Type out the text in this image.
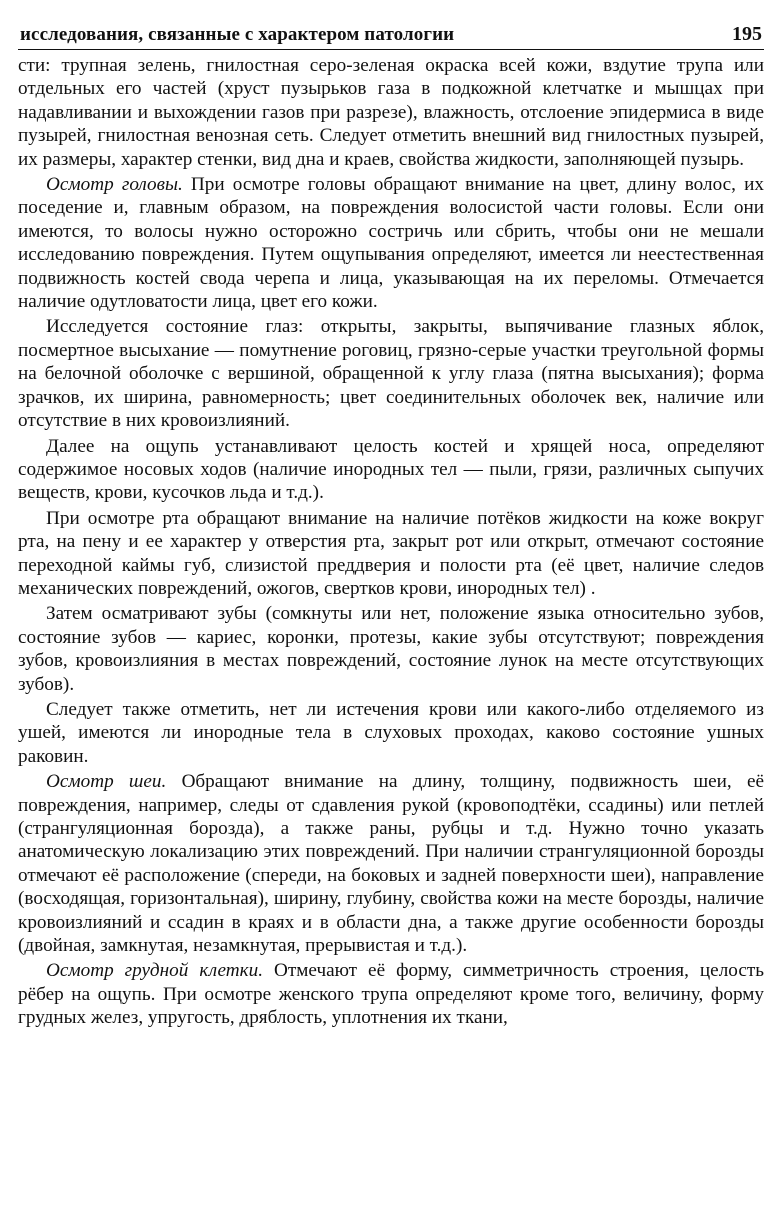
исследования, связанные с характером патологии	195

сти: трупная зелень, гнилостная серо-зеленая окраска всей кожи, вздутие трупа или отдельных его частей (хруст пузырьков газа в подкожной клетчатке и мышцах при надавливании и выхождении газов при разрезе), влажность, отслоение эпидермиса в виде пузырей, гнилостная венозная сеть. Следует отметить внешний вид гнилостных пузырей, их размеры, характер стенки, вид дна и краев, свойства жидкости, заполняющей пузырь.

Осмотр головы. При осмотре головы обращают внимание на цвет, длину волос, их поседение и, главным образом, на повреждения волосистой части головы. Если они имеются, то волосы нужно осторожно состричь или сбрить, чтобы они не мешали исследованию повреждения. Путем ощупывания определяют, имеется ли неестественная подвижность костей свода черепа и лица, указывающая на их переломы. Отмечается наличие одутловатости лица, цвет его кожи.

Исследуется состояние глаз: открыты, закрыты, выпячивание глазных яблок, посмертное высыхание — помутнение роговиц, грязно-серые участки треугольной формы на белочной оболочке с вершиной, обращенной к углу глаза (пятна высыхания); форма зрачков, их ширина, равномерность; цвет соединительных оболочек век, наличие или отсутствие в них кровоизлияний.

Далее на ощупь устанавливают целость костей и хрящей носа, определяют содержимое носовых ходов (наличие инородных тел — пыли, грязи, различных сыпучих веществ, крови, кусочков льда и т.д.).

При осмотре рта обращают внимание на наличие потёков жидкости на коже вокруг рта, на пену и ее характер у отверстия рта, закрыт рот или открыт, отмечают состояние переходной каймы губ, слизистой преддверия и полости рта (её цвет, наличие следов механических повреждений, ожогов, свертков крови, инородных тел) .

Затем осматривают зубы (сомкнуты или нет, положение языка относительно зубов, состояние зубов — кариес, коронки, протезы, какие зубы отсутствуют; повреждения зубов, кровоизлияния в местах повреждений, состояние лунок на месте отсутствующих зубов).

Следует также отметить, нет ли истечения крови или какого-либо отделяемого из ушей, имеются ли инородные тела в слуховых проходах, каково состояние ушных раковин.

Осмотр шеи. Обращают внимание на длину, толщину, подвижность шеи, её повреждения, например, следы от сдавления рукой (кровоподтёки, ссадины) или петлей (странгуляционная борозда), а также раны, рубцы и т.д. Нужно точно указать анатомическую локализацию этих повреждений. При наличии странгуляционной борозды отмечают её расположение (спереди, на боковых и задней поверхности шеи), направление (восходящая, горизонтальная), ширину, глубину, свойства кожи на месте борозды, наличие кровоизлияний и ссадин в краях и в области дна, а также другие особенности борозды (двойная, замкнутая, незамкнутая, прерывистая и т.д.).

Осмотр грудной клетки. Отмечают её форму, симметричность строения, целость рёбер на ощупь. При осмотре женского трупа определяют кроме того, величину, форму грудных желез, упругость, дряблость, уплотнения их ткани,
